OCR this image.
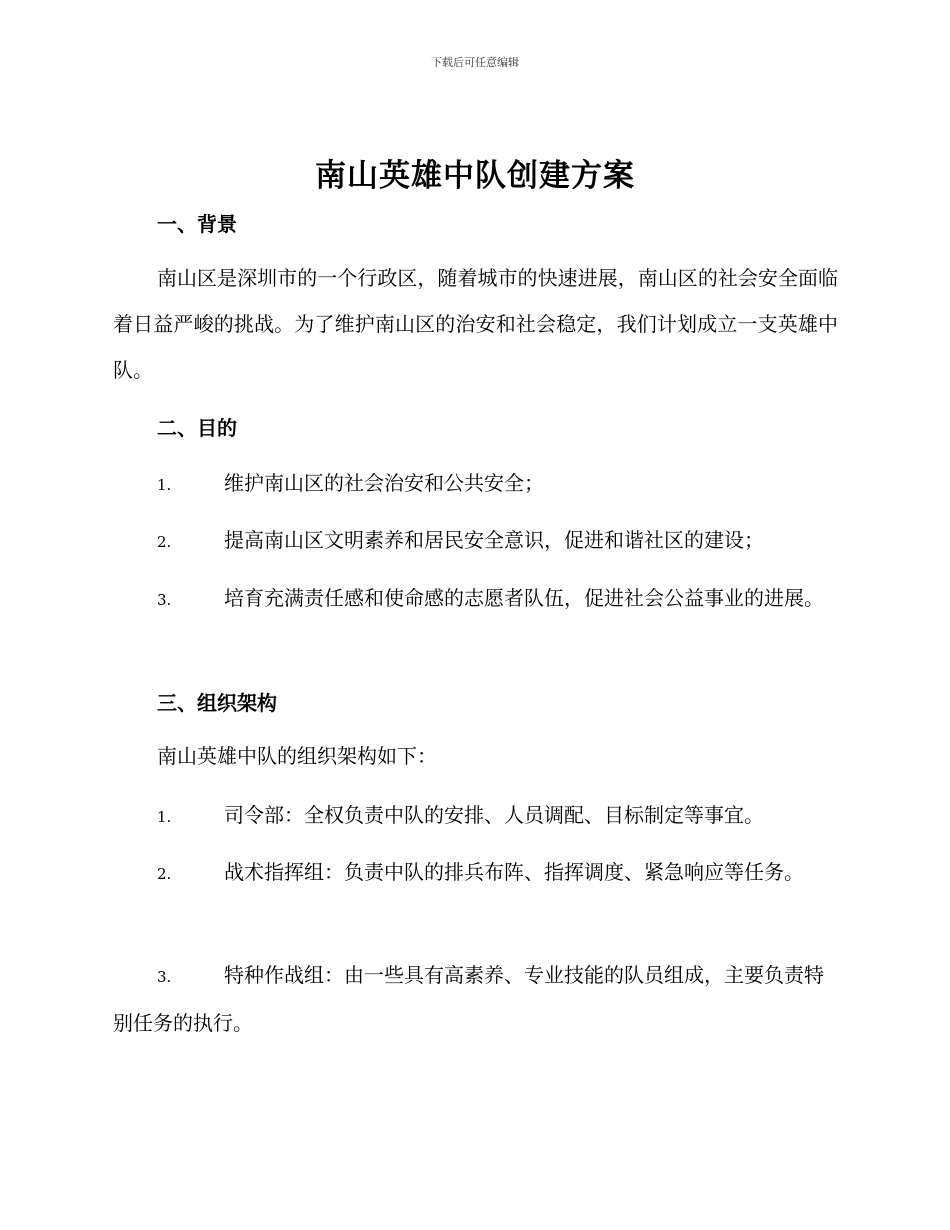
下载后可任意编辑
南山英雄中队创建方案
一、背景

南山区是深圳市的一个行政区，随着城市的快速进展，南山区的社会安全面临着日益严峻的挑战。为了维护南山区的治安和社会稳定，我们计划成立一支英雄中队。

二、目的

1.	维护南山区的社会治安和公共安全；

2.	提高南山区文明素养和居民安全意识，促进和谐社区的建设；

3.	培育充满责任感和使命感的志愿者队伍，促进社会公益事业的进展。

三、组织架构

南山英雄中队的组织架构如下：

1.	司令部：全权负责中队的安排、人员调配、目标制定等事宜。

2.	战术指挥组：负责中队的排兵布阵、指挥调度、紧急响应等任务。

3.	特种作战组：由一些具有高素养、专业技能的队员组成，主要负责特别任务的执行。
